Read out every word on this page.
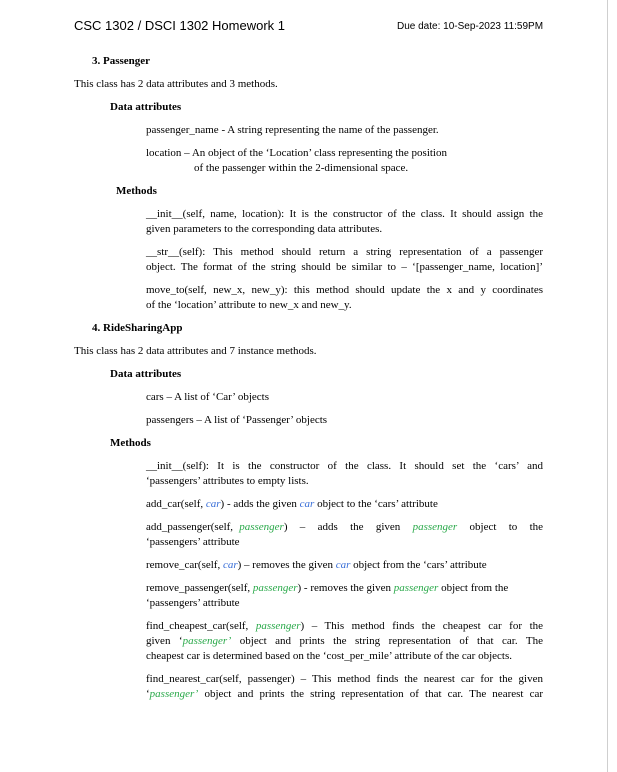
CSC 1302 / DSCI 1302 Homework 1	Due date: 10-Sep-2023 11:59PM
3. Passenger
This class has 2 data attributes and 3 methods.
Data attributes
passenger_name - A string representing the name of the passenger.
location – An object of the ‘Location’ class representing the position
of the passenger within the 2-dimensional space.
Methods
__init__(self, name, location): It is the constructor of the class. It should assign the
given parameters to the corresponding data attributes.
__str__(self): This method should return a string representation of a passenger
object. The format of the string should be similar to – ‘[passenger_name, location]’
move_to(self, new_x, new_y): this method should update the x and y coordinates
of the ‘location’ attribute to new_x and new_y.
4. RideSharingApp
This class has 2 data attributes and 7 instance methods.
Data attributes
cars – A list of ‘Car’ objects
passengers – A list of ‘Passenger’ objects
Methods
__init__(self): It is the constructor of the class. It should set the ‘cars’ and
‘passengers’ attributes to empty lists.
add_car(self, car) - adds the given car object to the ‘cars’ attribute
add_passenger(self, passenger)  –  adds  the  given  passenger  object  to  the
‘passengers’ attribute
remove_car(self, car) – removes the given car object from the ‘cars’ attribute
remove_passenger(self, passenger) - removes the given passenger object from the
‘passengers’ attribute
find_cheapest_car(self, passenger) – This method finds the cheapest car for the
given ‘passenger’ object and prints the string representation of that car. The
cheapest car is determined based on the ‘cost_per_mile’ attribute of the car objects.
find_nearest_car(self, passenger) – This method finds the nearest car for the given
‘passenger’ object and prints the string representation of that car. The nearest car
